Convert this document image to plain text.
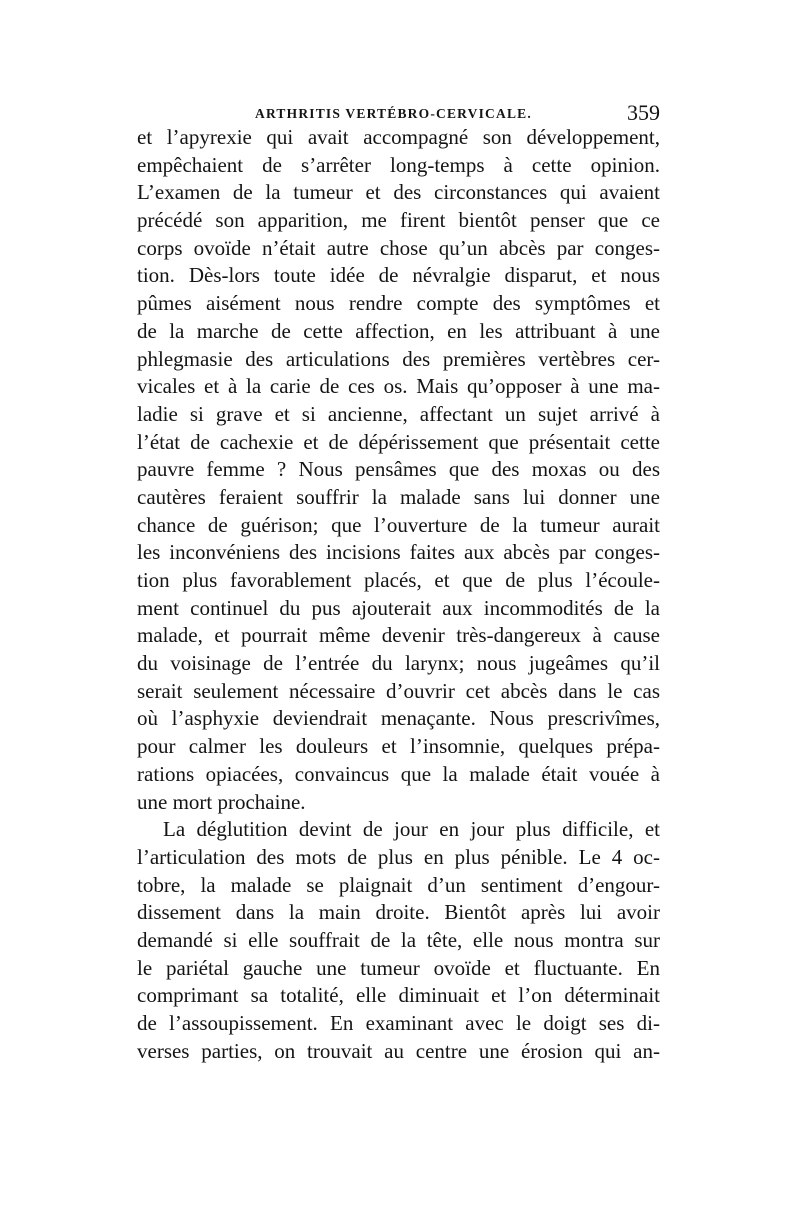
ARTHRITIS VERTÉBRO-CERVICALE.	359
et l’apyrexie qui avait accompagné son développement,
empêchaient de s’arrêter long-temps à cette opinion.
L’examen de la tumeur et des circonstances qui avaient
précédé son apparition, me firent bientôt penser que ce
corps ovoïde n’était autre chose qu’un abcès par conges-
tion. Dès-lors toute idée de névralgie disparut, et nous
pûmes aisément nous rendre compte des symptômes et
de la marche de cette affection, en les attribuant à une
phlegmasie des articulations des premières vertèbres cer-
vicales et à la carie de ces os. Mais qu’opposer à une ma-
ladie si grave et si ancienne, affectant un sujet arrivé à
l’état de cachexie et de dépérissement que présentait cette
pauvre femme ? Nous pensâmes que des moxas ou des
cautères feraient souffrir la malade sans lui donner une
chance de guérison; que l’ouverture de la tumeur aurait
les inconvéniens des incisions faites aux abcès par conges-
tion plus favorablement placés, et que de plus l’écoule-
ment continuel du pus ajouterait aux incommodités de la
malade, et pourrait même devenir très-dangereux à cause
du voisinage de l’entrée du larynx; nous jugeâmes qu’il
serait seulement nécessaire d’ouvrir cet abcès dans le cas
où l’asphyxie deviendrait menaçante. Nous prescrivîmes,
pour calmer les douleurs et l’insomnie, quelques prépa-
rations opiacées, convaincus que la malade était vouée à
une mort prochaine.
La déglutition devint de jour en jour plus difficile, et
l’articulation des mots de plus en plus pénible. Le 4 oc-
tobre, la malade se plaignait d’un sentiment d’engour-
dissement dans la main droite. Bientôt après lui avoir
demandé si elle souffrait de la tête, elle nous montra sur
le pariétal gauche une tumeur ovoïde et fluctuante. En
comprimant sa totalité, elle diminuait et l’on déterminait
de l’assoupissement. En examinant avec le doigt ses di-
verses parties, on trouvait au centre une érosion qui an-
